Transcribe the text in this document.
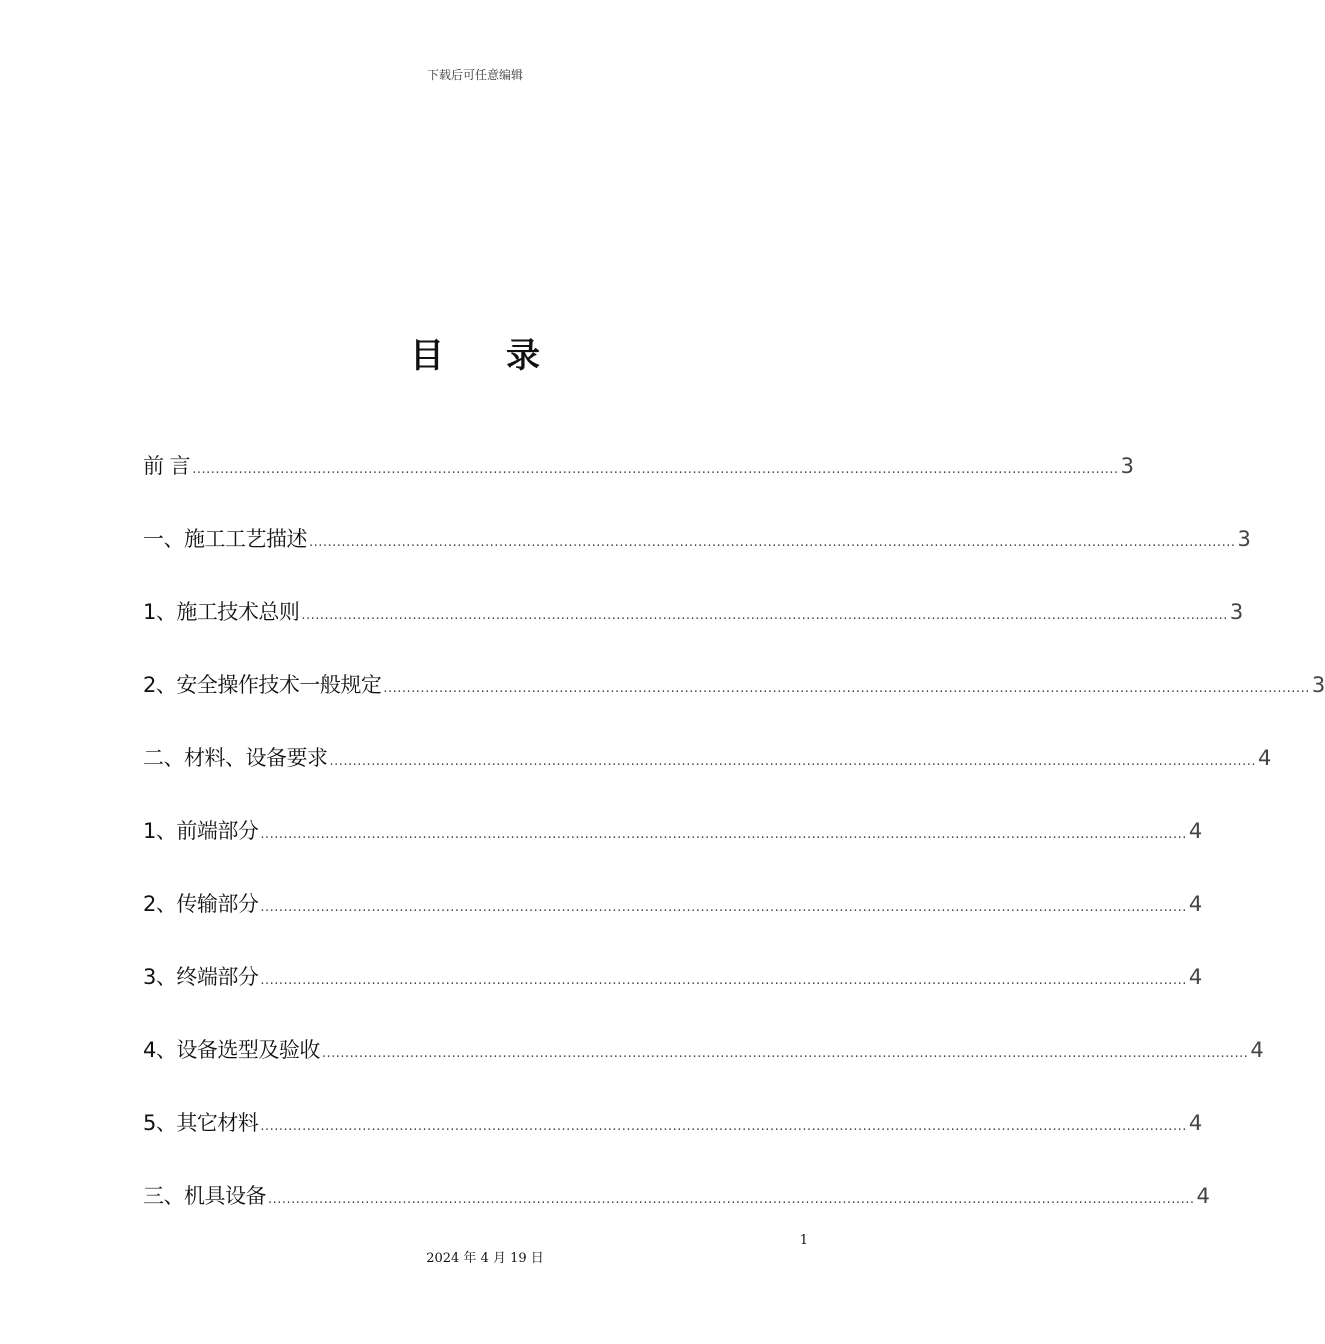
下载后可任意编辑
目 录
前 言 ........................................................................................................................................................................................................ 3
一、施工工艺描述 ........................................................................................................................................................................................................ 3
1、施工技术总则 ........................................................................................................................................................................................................ 3
2、安全操作技术一般规定 ........................................................................................................................................................................................................ 3
二、材料、设备要求 ........................................................................................................................................................................................................ 4
1、前端部分 ........................................................................................................................................................................................................ 4
2、传输部分 ........................................................................................................................................................................................................ 4
3、终端部分 ........................................................................................................................................................................................................ 4
4、设备选型及验收 ........................................................................................................................................................................................................ 4
5、其它材料 ........................................................................................................................................................................................................ 4
三、机具设备 ........................................................................................................................................................................................................ 4
1
2024 年 4 月 19 日
